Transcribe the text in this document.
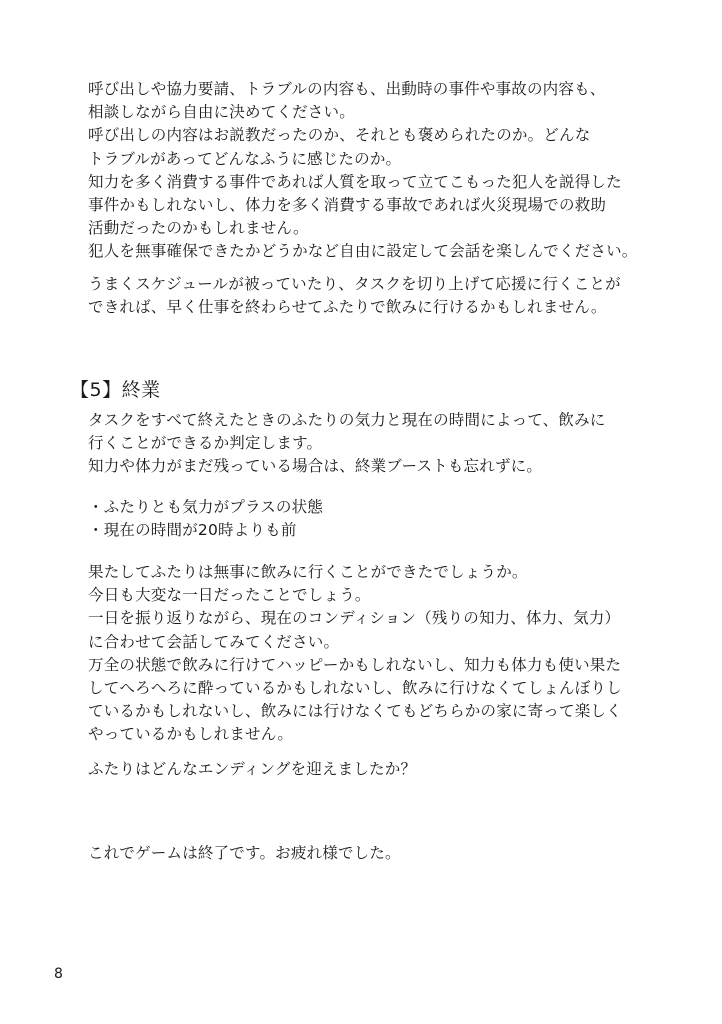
呼び出しや協力要請、トラブルの内容も、出動時の事件や事故の内容も、
相談しながら自由に決めてください。
呼び出しの内容はお説教だったのか、それとも褒められたのか。どんな
トラブルがあってどんなふうに感じたのか。
知力を多く消費する事件であれば人質を取って立てこもった犯人を説得した
事件かもしれないし、体力を多く消費する事故であれば火災現場での救助
活動だったのかもしれません。
犯人を無事確保できたかどうかなど自由に設定して会話を楽しんでください。
うまくスケジュールが被っていたり、タスクを切り上げて応援に行くことが
できれば、早く仕事を終わらせてふたりで飲みに行けるかもしれません。
【5】終業
タスクをすべて終えたときのふたりの気力と現在の時間によって、飲みに
行くことができるか判定します。
知力や体力がまだ残っている場合は、終業ブーストも忘れずに。
・ふたりとも気力がプラスの状態
・現在の時間が20時よりも前
果たしてふたりは無事に飲みに行くことができたでしょうか。
今日も大変な一日だったことでしょう。
一日を振り返りながら、現在のコンディション（残りの知力、体力、気力）
に合わせて会話してみてください。
万全の状態で飲みに行けてハッピーかもしれないし、知力も体力も使い果た
してへろへろに酔っているかもしれないし、飲みに行けなくてしょんぼりし
ているかもしれないし、飲みには行けなくてもどちらかの家に寄って楽しく
やっているかもしれません。
ふたりはどんなエンディングを迎えましたか？
これでゲームは終了です。お疲れ様でした。
8
